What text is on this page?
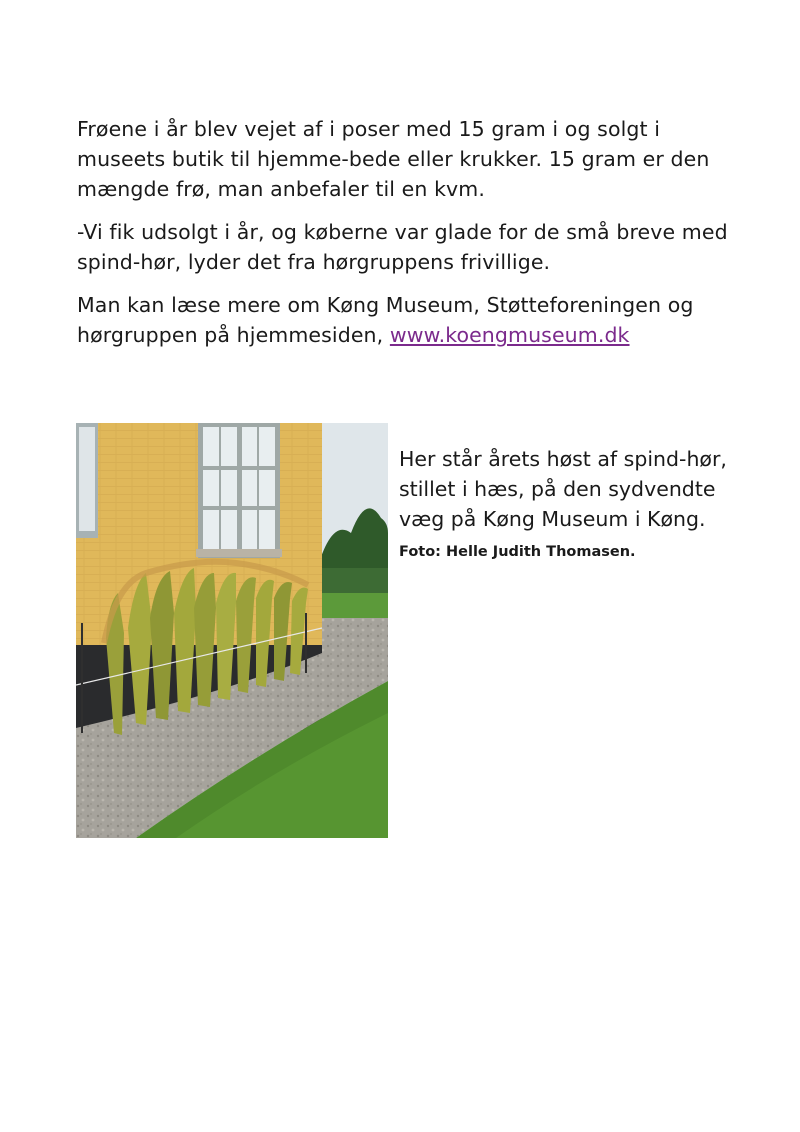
Frøene i år blev vejet af i poser med 15 gram i og solgt i museets butik til hjemme-bede eller krukker. 15 gram er den mængde frø, man anbefaler til en kvm.

-Vi fik udsolgt i år, og køberne var glade for de små breve med spind-hør, lyder det fra hørgruppens frivillige.

Man kan læse mere om Køng Museum, Støtteforeningen og hørgruppen på hjemmesiden, www.koengmuseum.dk

Her står årets høst af spind-hør, stillet i hæs, på den sydvendte væg på Køng Museum i Køng. Foto: Helle Judith Thomasen.
